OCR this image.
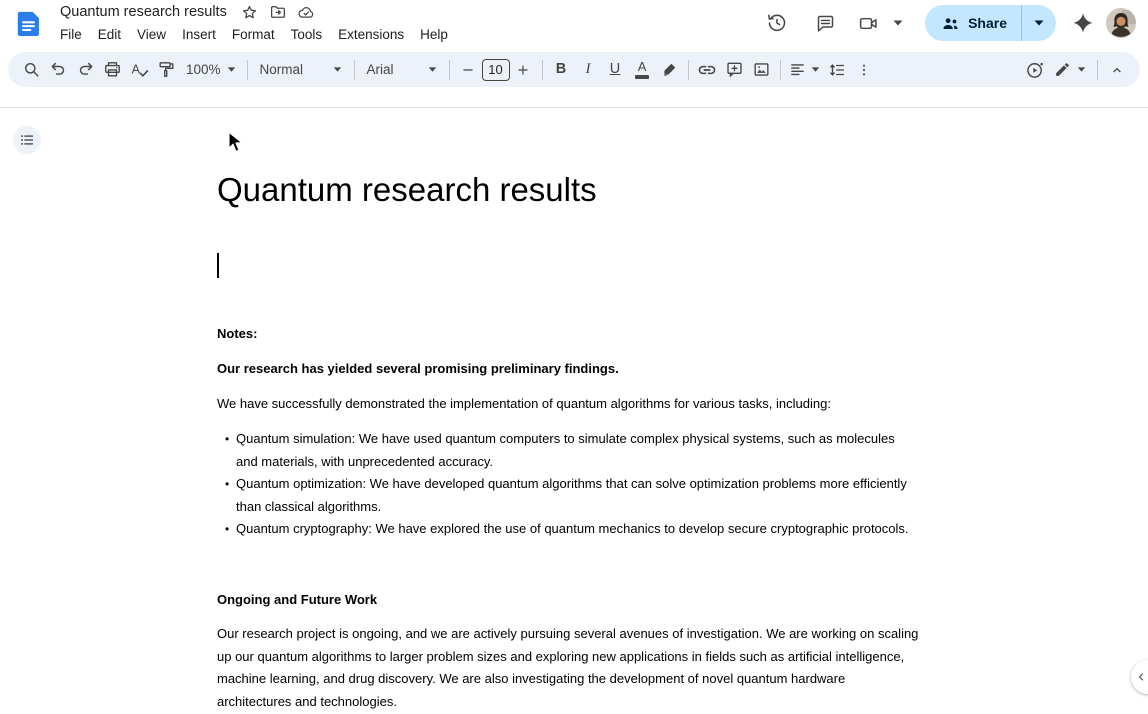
Quantum research results
File	Edit	View	Insert	Format	Tools	Extensions	Help
Share
A	100%	Normal	Arial	10	B I U A
Quantum research results
Notes:
Our research has yielded several promising preliminary findings.
We have successfully demonstrated the implementation of quantum algorithms for various tasks, including:
• Quantum simulation: We have used quantum computers to simulate complex physical systems, such as molecules and materials, with unprecedented accuracy.
• Quantum optimization: We have developed quantum algorithms that can solve optimization problems more efficiently than classical algorithms.
• Quantum cryptography: We have explored the use of quantum mechanics to develop secure cryptographic protocols.
Ongoing and Future Work
Our research project is ongoing, and we are actively pursuing several avenues of investigation. We are working on scaling up our quantum algorithms to larger problem sizes and exploring new applications in fields such as artificial intelligence, machine learning, and drug discovery. We are also investigating the development of novel quantum hardware architectures and technologies.
